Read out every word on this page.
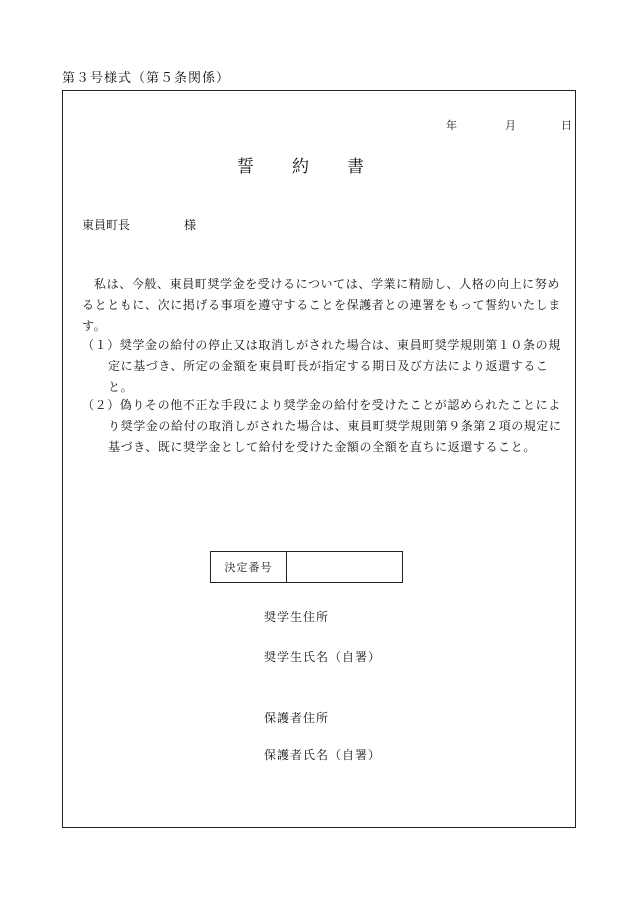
第３号様式（第５条関係）
年	月	日
誓約書
東員町長	様
私は、今般、東員町奨学金を受けるについては、学業に精励し、人格の向上に努めるとともに、次に掲げる事項を遵守することを保護者との連署をもって誓約いたします。
（１）奨学金の給付の停止又は取消しがされた場合は、東員町奨学規則第１０条の規定に基づき、所定の金額を東員町長が指定する期日及び方法により返還すること。
（２）偽りその他不正な手段により奨学金の給付を受けたことが認められたことにより奨学金の給付の取消しがされた場合は、東員町奨学規則第９条第２項の規定に基づき、既に奨学金として給付を受けた金額の全額を直ちに返還すること。
決定番号
奨学生住所
奨学生氏名（自署）
保護者住所
保護者氏名（自署）
